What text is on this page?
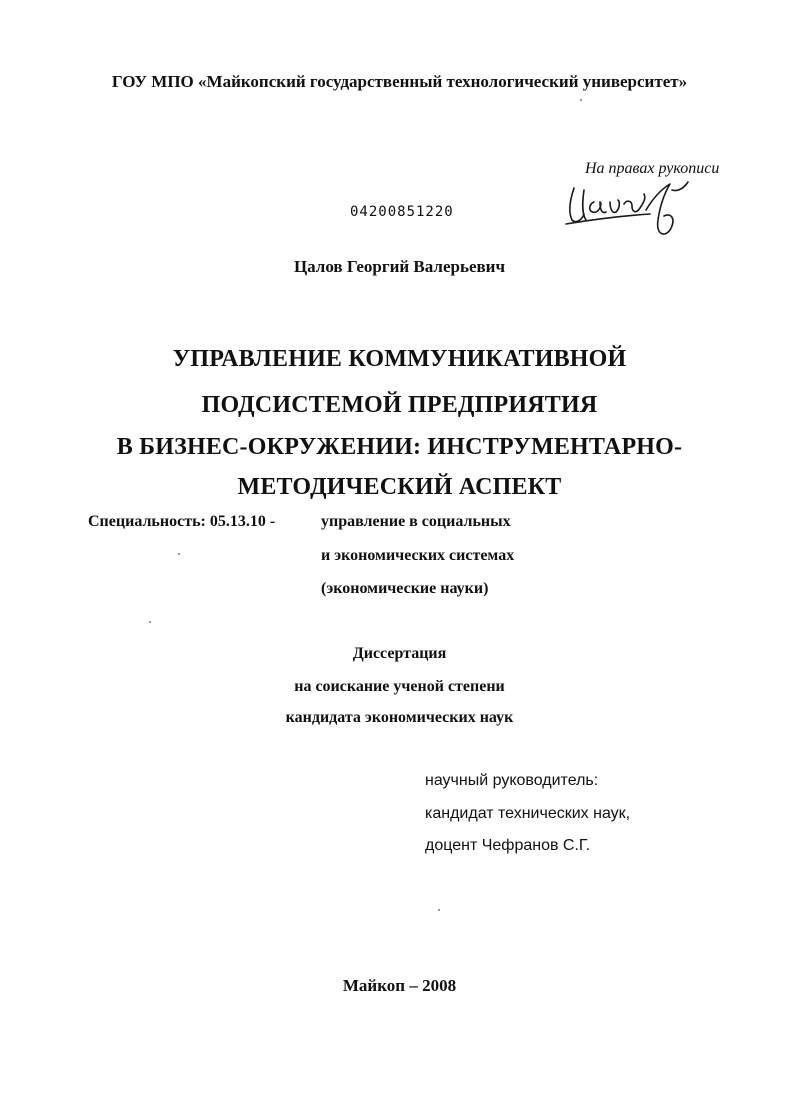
ГОУ МПО «Майкопский государственный технологический университет»
На правах рукописи
04200851220
Цалов Георгий Валерьевич
УПРАВЛЕНИЕ КОММУНИКАТИВНОЙ
ПОДСИСТЕМОЙ ПРЕДПРИЯТИЯ
В БИЗНЕС-ОКРУЖЕНИИ: ИНСТРУМЕНТАРНО-
МЕТОДИЧЕСКИЙ АСПЕКТ
Специальность: 05.13.10 -	управление в социальных
и экономических системах
(экономические науки)
Диссертация
на соискание ученой степени
кандидата экономических наук
научный руководитель:
кандидат технических наук,
доцент Чефранов С.Г.
Майкоп – 2008
